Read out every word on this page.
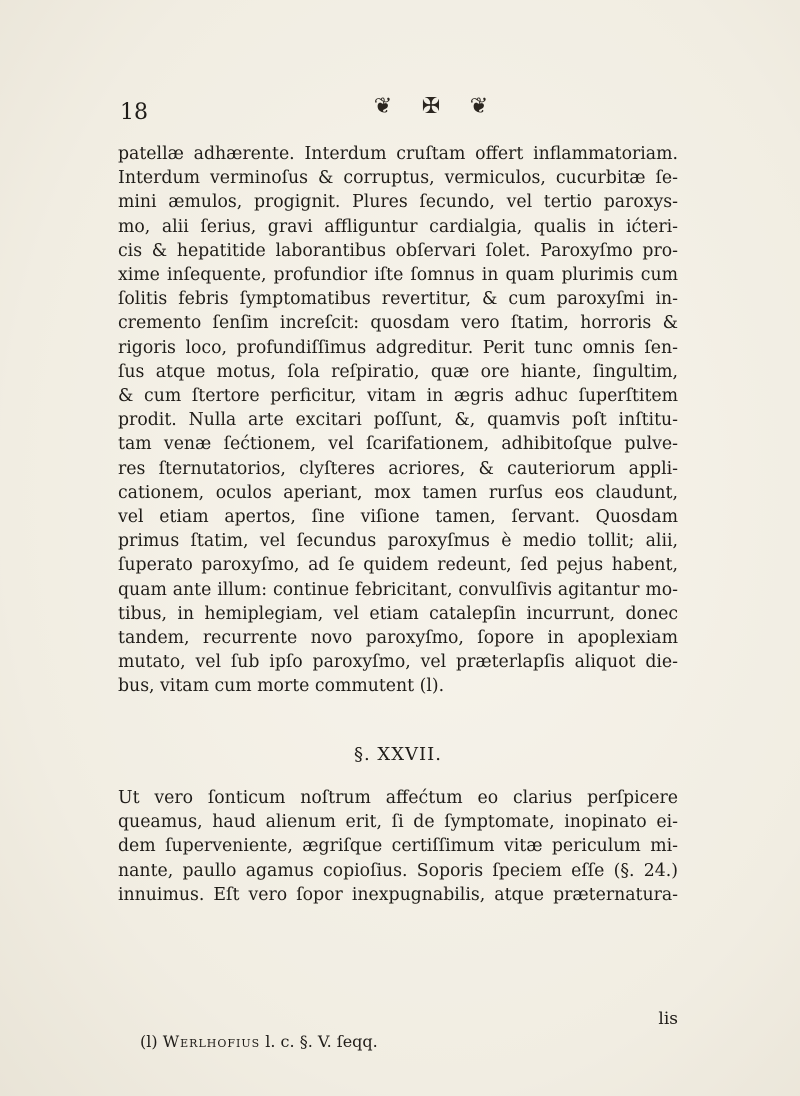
18	❦ ✠ ❦
patellæ adhærente. Interdum cruſtam offert inflammatoriam.
Interdum verminoſus & corruptus, vermiculos, cucurbitæ ſe-
mini æmulos, progignit. Plures ſecundo, vel tertio paroxys-
mo, alii ſerius, gravi affliguntur cardialgia, qualis in ićteri-
cis & hepatitide laborantibus obſervari ſolet. Paroxyſmo pro-
xime inſequente, profundior iſte ſomnus in quam plurimis cum
ſolitis febris ſymptomatibus revertitur, & cum paroxyſmi in-
cremento ſenſim increſcit: quosdam vero ſtatim, horroris &
rigoris loco, profundiſſimus adgreditur. Perit tunc omnis ſen-
ſus atque motus, ſola reſpiratio, quæ ore hiante, ſingultim,
& cum ſtertore perficitur, vitam in ægris adhuc ſuperſtitem
prodit. Nulla arte excitari poſſunt, &, quamvis poſt inſtitu-
tam venæ ſećtionem, vel ſcarifationem, adhibitoſque pulve-
res ſternutatorios, clyſteres acriores, & cauteriorum appli-
cationem, oculos aperiant, mox tamen rurſus eos claudunt,
vel etiam apertos, ſine viſione tamen, ſervant. Quosdam
primus ſtatim, vel ſecundus paroxyſmus è medio tollit; alii,
ſuperato paroxyſmo, ad ſe quidem redeunt, ſed pejus habent,
quam ante illum: continue febricitant, convulſivis agitantur mo-
tibus, in hemiplegiam, vel etiam catalepſin incurrunt, donec
tandem, recurrente novo paroxyſmo, ſopore in apoplexiam
mutato, vel ſub ipſo paroxyſmo, vel præterlapſis aliquot die-
bus, vitam cum morte commutent (l).
§. XXVII.
Ut vero ſonticum noſtrum affećtum eo clarius perſpicere
queamus, haud alienum erit, ſi de ſymptomate, inopinato ei-
dem ſuperveniente, ægriſque certiſſimum vitæ periculum mi-
nante, paullo agamus copioſius. Soporis ſpeciem eſſe (§. 24.)
innuimus. Eſt vero ſopor inexpugnabilis, atque præternatura-
lis
(l) Werlhofius l. c. §. V. ſeqq.
